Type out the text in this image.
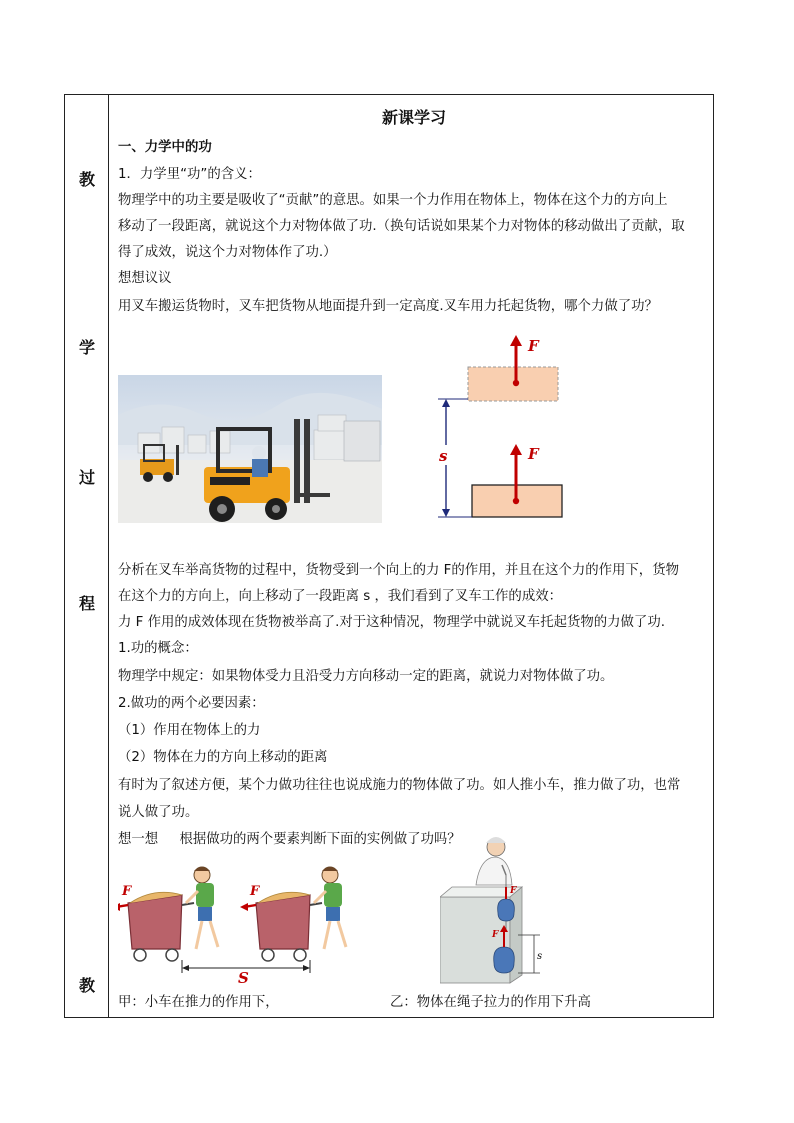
教
学
过
程
教
新课学习
一、力学中的功
1．力学里“功”的含义：
物理学中的功主要是吸收了“贡献”的意思。如果一个力作用在物体上，物体在这个力的方向上
移动了一段距离，就说这个力对物体做了功.（换句话说如果某个力对物体的移动做出了贡献，取
得了成效，说这个力对物体作了功.）
想想议议
用叉车搬运货物时，叉车把货物从地面提升到一定高度.叉车用力托起货物，哪个力做了功？
F
F
s
分析在叉车举高货物的过程中，货物受到一个向上的力 F的作用，并且在这个力的作用下，货物
在这个力的方向上，向上移动了一段距离 s ，我们看到了叉车工作的成效：
力 F 作用的成效体现在货物被举高了.对于这种情况，物理学中就说叉车托起货物的力做了功.
1.功的概念：
物理学中规定：如果物体受力且沿受力方向移动一定的距离，就说力对物体做了功。
2.做功的两个必要因素：
（1）作用在物体上的力
（2）物体在力的方向上移动的距离
有时为了叙述方便，某个力做功往往也说成施力的物体做了功。如人推小车，推力做了功，也常
说人做了功。
想一想     根据做功的两个要素判断下面的实例做了功吗？
F	F
S
F
F
s
甲：小车在推力的作用下，	乙：物体在绳子拉力的作用下升高
